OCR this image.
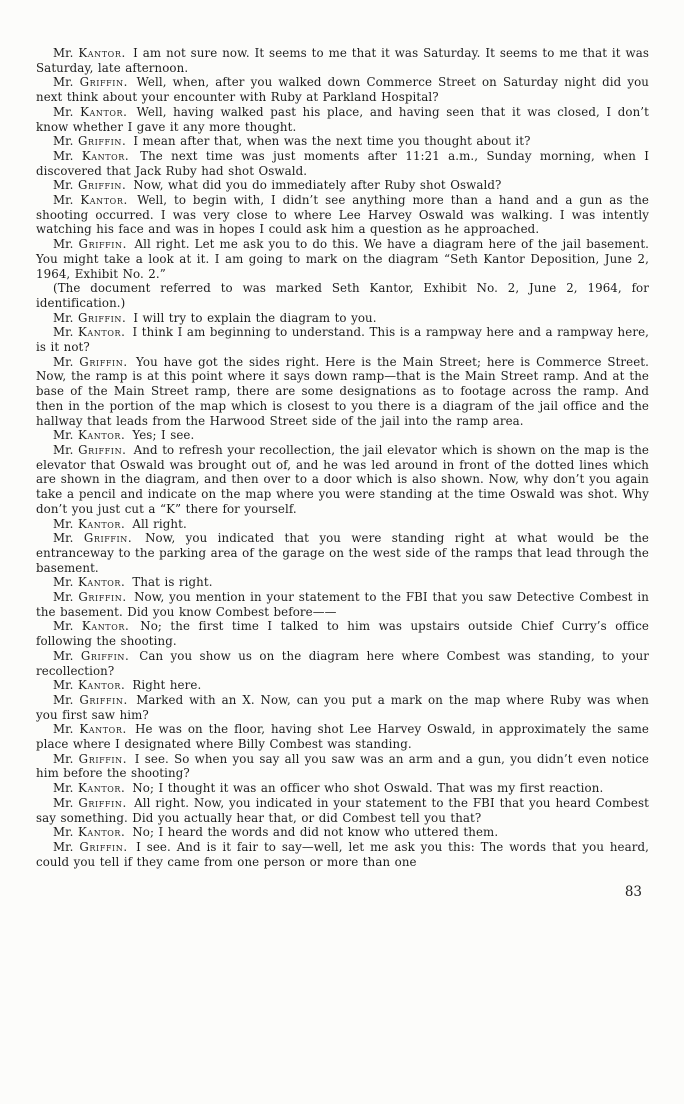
Mr. Kantor. I am not sure now. It seems to me that it was Saturday. It seems to me that it was Saturday, late afternoon.

Mr. Griffin. Well, when, after you walked down Commerce Street on Saturday night did you next think about your encounter with Ruby at Parkland Hospital?

Mr. Kantor. Well, having walked past his place, and having seen that it was closed, I don’t know whether I gave it any more thought.

Mr. Griffin. I mean after that, when was the next time you thought about it?

Mr. Kantor. The next time was just moments after 11:21 a.m., Sunday morning, when I discovered that Jack Ruby had shot Oswald.

Mr. Griffin. Now, what did you do immediately after Ruby shot Oswald?

Mr. Kantor. Well, to begin with, I didn’t see anything more than a hand and a gun as the shooting occurred. I was very close to where Lee Harvey Oswald was walking. I was intently watching his face and was in hopes I could ask him a question as he approached.

Mr. Griffin. All right. Let me ask you to do this. We have a diagram here of the jail basement. You might take a look at it. I am going to mark on the diagram “Seth Kantor Deposition, June 2, 1964, Exhibit No. 2.”

(The document referred to was marked Seth Kantor, Exhibit No. 2, June 2, 1964, for identification.)

Mr. Griffin. I will try to explain the diagram to you.

Mr. Kantor. I think I am beginning to understand. This is a rampway here and a rampway here, is it not?

Mr. Griffin. You have got the sides right. Here is the Main Street; here is Commerce Street. Now, the ramp is at this point where it says down ramp—that is the Main Street ramp. And at the base of the Main Street ramp, there are some designations as to footage across the ramp. And then in the portion of the map which is closest to you there is a diagram of the jail office and the hallway that leads from the Harwood Street side of the jail into the ramp area.

Mr. Kantor. Yes; I see.

Mr. Griffin. And to refresh your recollection, the jail elevator which is shown on the map is the elevator that Oswald was brought out of, and he was led around in front of the dotted lines which are shown in the diagram, and then over to a door which is also shown. Now, why don’t you again take a pencil and indicate on the map where you were standing at the time Oswald was shot. Why don’t you just cut a “K” there for yourself.

Mr. Kantor. All right.

Mr. Griffin. Now, you indicated that you were standing right at what would be the entranceway to the parking area of the garage on the west side of the ramps that lead through the basement.

Mr. Kantor. That is right.

Mr. Griffin. Now, you mention in your statement to the FBI that you saw Detective Combest in the basement. Did you know Combest before——

Mr. Kantor. No; the first time I talked to him was upstairs outside Chief Curry’s office following the shooting.

Mr. Griffin. Can you show us on the diagram here where Combest was standing, to your recollection?

Mr. Kantor. Right here.

Mr. Griffin. Marked with an X. Now, can you put a mark on the map where Ruby was when you first saw him?

Mr. Kantor. He was on the floor, having shot Lee Harvey Oswald, in approximately the same place where I designated where Billy Combest was standing.

Mr. Griffin. I see. So when you say all you saw was an arm and a gun, you didn’t even notice him before the shooting?

Mr. Kantor. No; I thought it was an officer who shot Oswald. That was my first reaction.

Mr. Griffin. All right. Now, you indicated in your statement to the FBI that you heard Combest say something. Did you actually hear that, or did Combest tell you that?

Mr. Kantor. No; I heard the words and did not know who uttered them.

Mr. Griffin. I see. And is it fair to say—well, let me ask you this: The words that you heard, could you tell if they came from one person or more than one

83
